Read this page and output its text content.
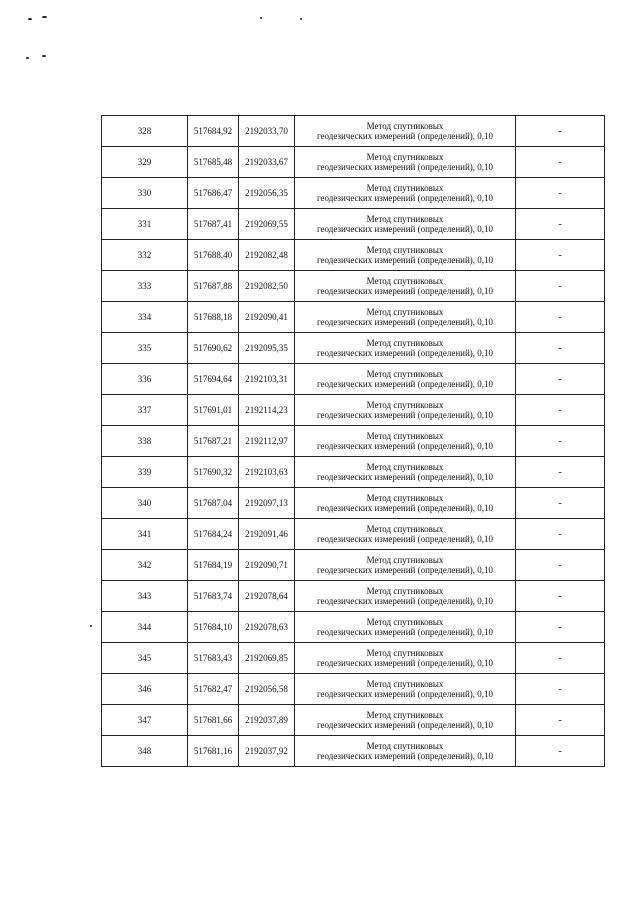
328	517684,92	2192033,70	Метод спутниковых
геодезических измерений (определений), 0,10	-
329	517685,48	2192033,67	Метод спутниковых
геодезических измерений (определений), 0,10	-
330	517686,47	2192056,35	Метод спутниковых
геодезических измерений (определений), 0,10	-
331	517687,41	2192069,55	Метод спутниковых
геодезических измерений (определений), 0,10	-
332	517688,40	2192082,48	Метод спутниковых
геодезических измерений (определений), 0,10	-
333	517687,88	2192082,50	Метод спутниковых
геодезических измерений (определений), 0,10	-
334	517688,18	2192090,41	Метод спутниковых
геодезических измерений (определений), 0,10	-
335	517690,62	2192095,35	Метод спутниковых
геодезических измерений (определений), 0,10	-
336	517694,64	2192103,31	Метод спутниковых
геодезических измерений (определений), 0,10	-
337	517691,01	2192114,23	Метод спутниковых
геодезических измерений (определений), 0,10	-
338	517687,21	2192112,97	Метод спутниковых
геодезических измерений (определений), 0,10	-
339	517690,32	2192103,63	Метод спутниковых
геодезических измерений (определений), 0,10	-
340	517687,04	2192097,13	Метод спутниковых
геодезических измерений (определений), 0,10	-
341	517684,24	2192091,46	Метод спутниковых
геодезических измерений (определений), 0,10	-
342	517684,19	2192090,71	Метод спутниковых
геодезических измерений (определений), 0,10	-
343	517683,74	2192078,64	Метод спутниковых
геодезических измерений (определений), 0,10	-
344	517684,10	2192078,63	Метод спутниковых
геодезических измерений (определений), 0,10	-
345	517683,43	2192069,85	Метод спутниковых
геодезических измерений (определений), 0,10	-
346	517682,47	2192056,58	Метод спутниковых
геодезических измерений (определений), 0,10	-
347	517681,66	2192037,89	Метод спутниковых
геодезических измерений (определений), 0,10	-
348	517681,16	2192037,92	Метод спутниковых
геодезических измерений (определений), 0,10	-
